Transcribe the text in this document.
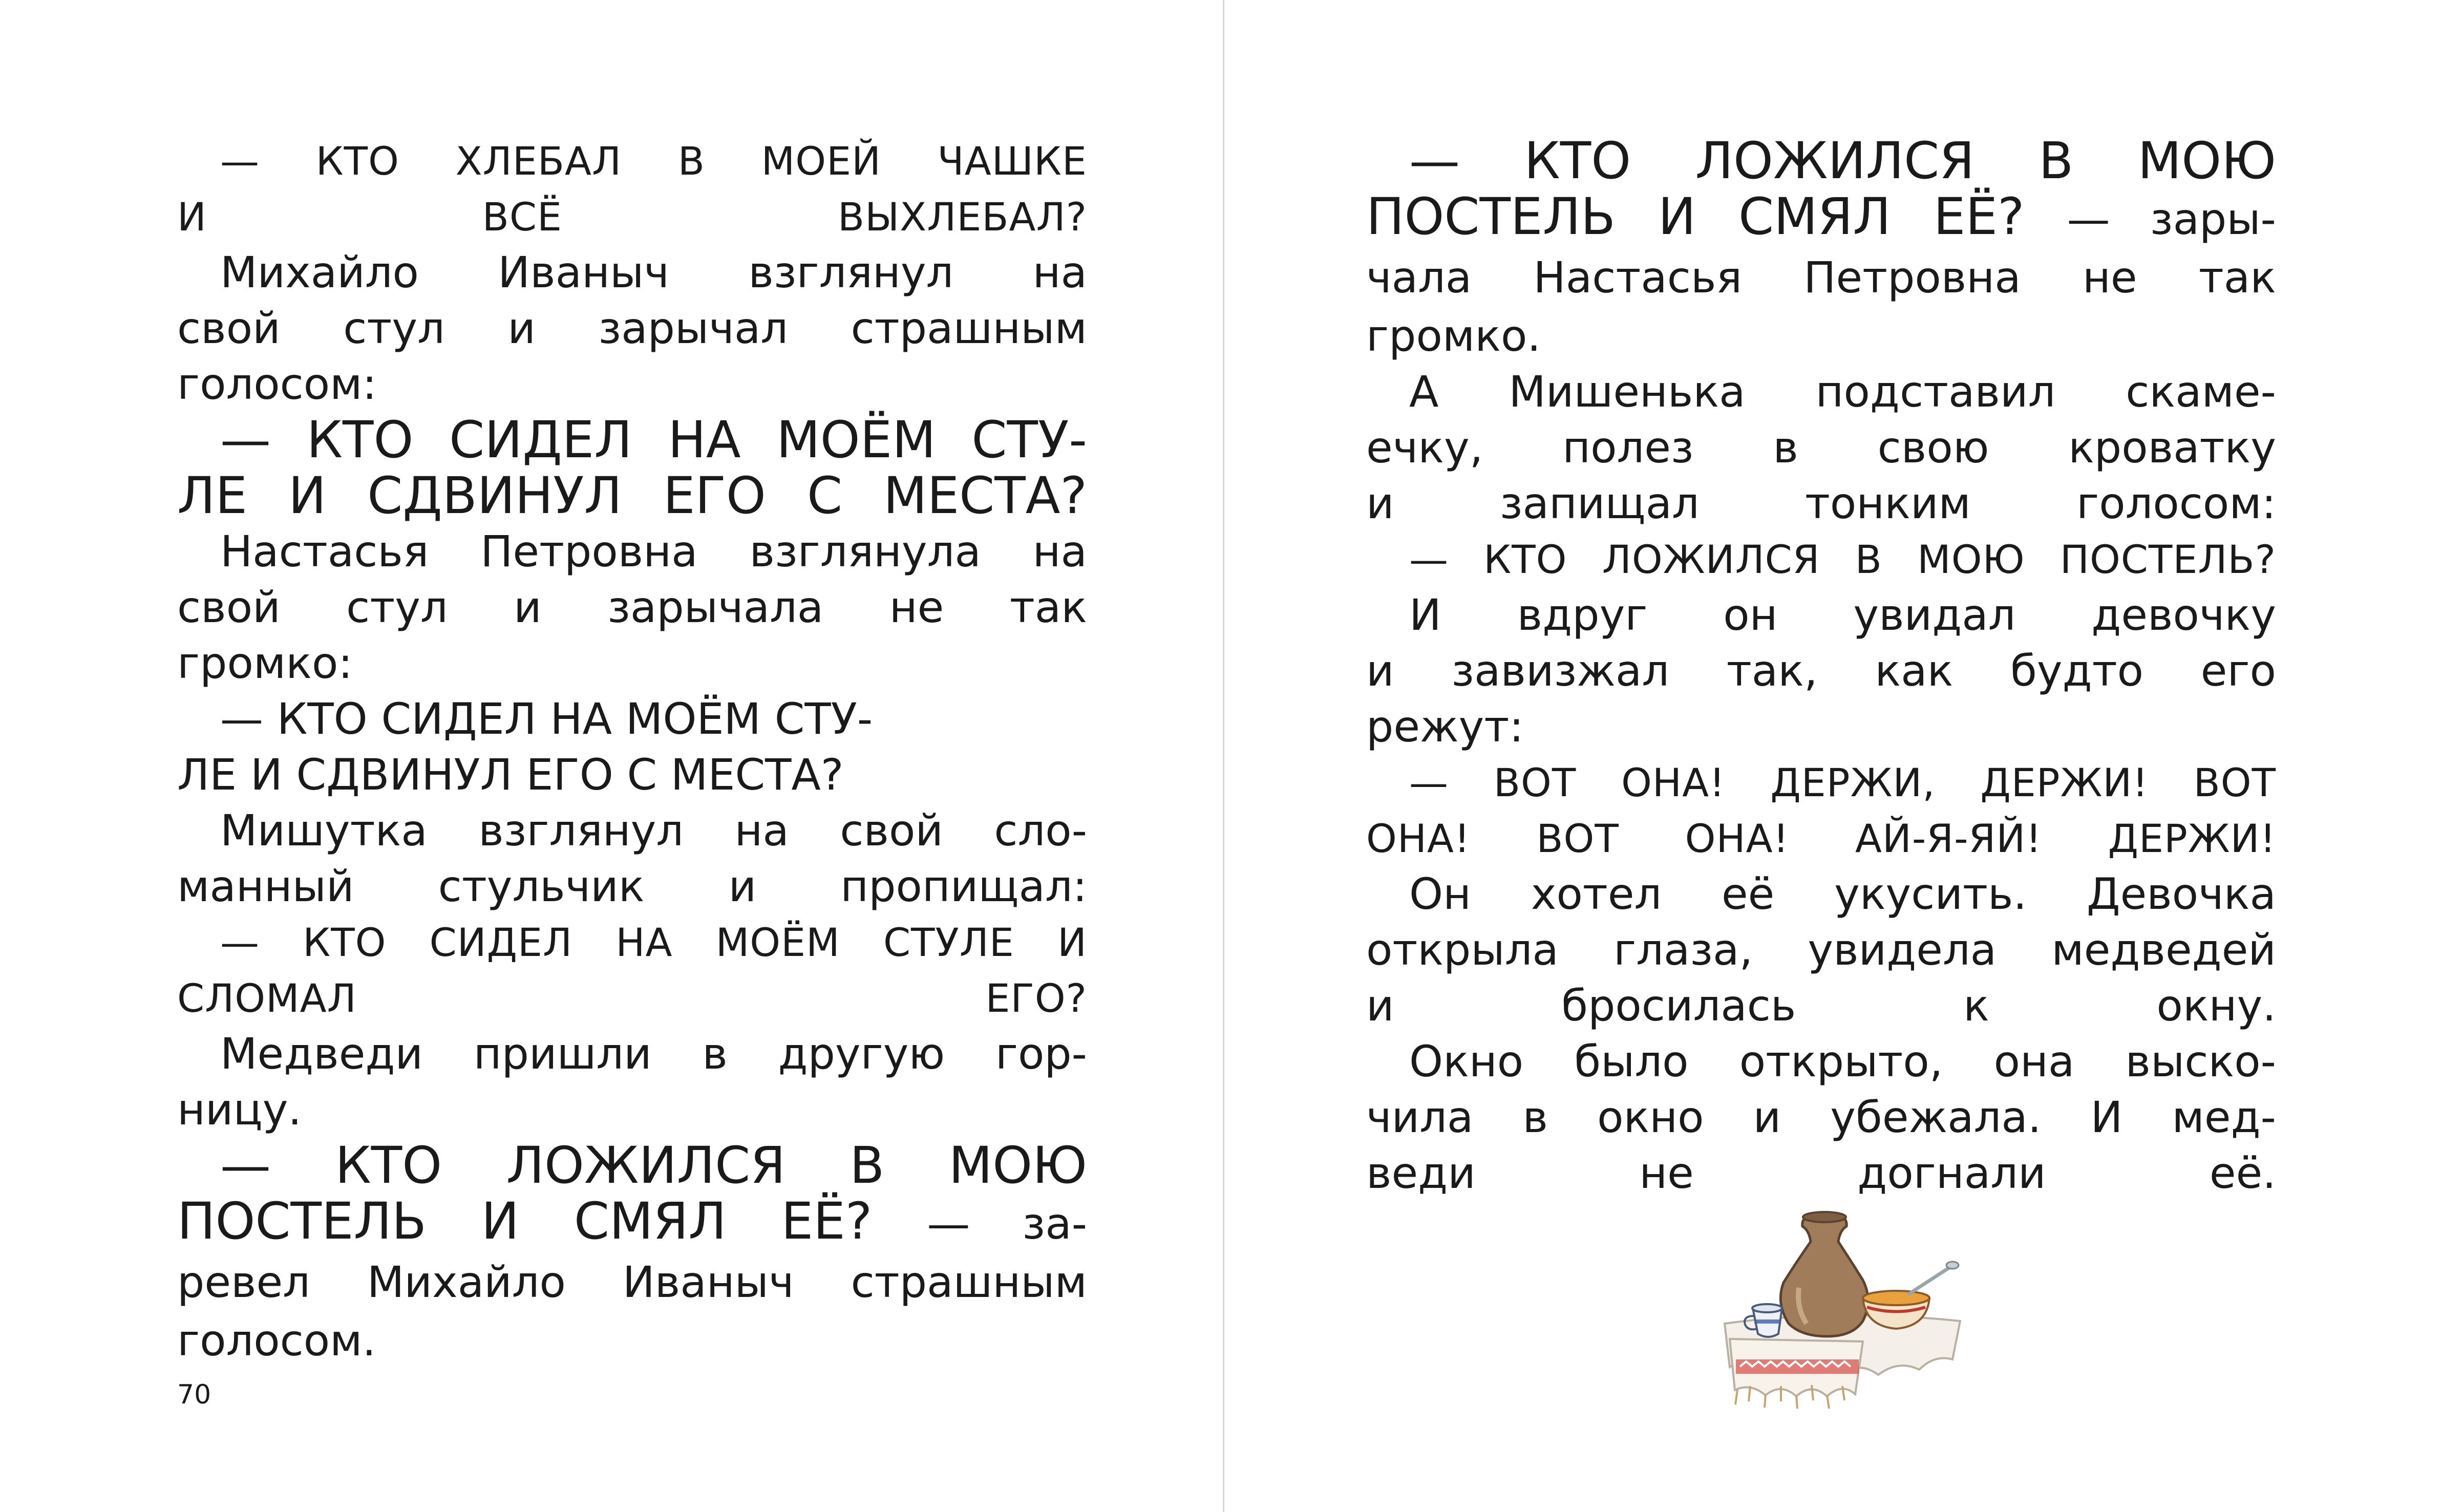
— КТО ХЛЕБАЛ В МОЕЙ ЧАШКЕ
И ВСЁ ВЫХЛЕБАЛ?

Михайло Иваныч взглянул на
свой стул и зарычал страшным
голосом:

— КТО СИДЕЛ НА МОЁМ СТУ-
ЛЕ И СДВИНУЛ ЕГО С МЕСТА?

Настасья Петровна взглянула на
свой стул и зарычала не так
громко:

— КТО СИДЕЛ НА МОЁМ СТУ-
ЛЕ И СДВИНУЛ ЕГО С МЕСТА?

Мишутка взглянул на свой сло-
манный стульчик и пропищал:

— КТО СИДЕЛ НА МОЁМ СТУЛЕ И
СЛОМАЛ ЕГО?

Медведи пришли в другую гор-
ницу.

— КТО ЛОЖИЛСЯ В МОЮ
ПОСТЕЛЬ И СМЯЛ ЕЁ? — за-
ревел Михайло Иваныч страшным
голосом.

70

— КТО ЛОЖИЛСЯ В МОЮ
ПОСТЕЛЬ И СМЯЛ ЕЁ? — зары-
чала Настасья Петровна не так
громко.

А Мишенька подставил скаме-
ечку, полез в свою кроватку
и запищал тонким голосом:

— КТО ЛОЖИЛСЯ В МОЮ ПОСТЕЛЬ?

И вдруг он увидал девочку
и завизжал так, как будто его
режут:

— ВОТ ОНА! ДЕРЖИ, ДЕРЖИ! ВОТ
ОНА! ВОТ ОНА! АЙ-Я-ЯЙ! ДЕРЖИ!

Он хотел её укусить. Девочка
открыла глаза, увидела медведей
и бросилась к окну.

Окно было открыто, она выско-
чила в окно и убежала. И мед-
веди не догнали её.
